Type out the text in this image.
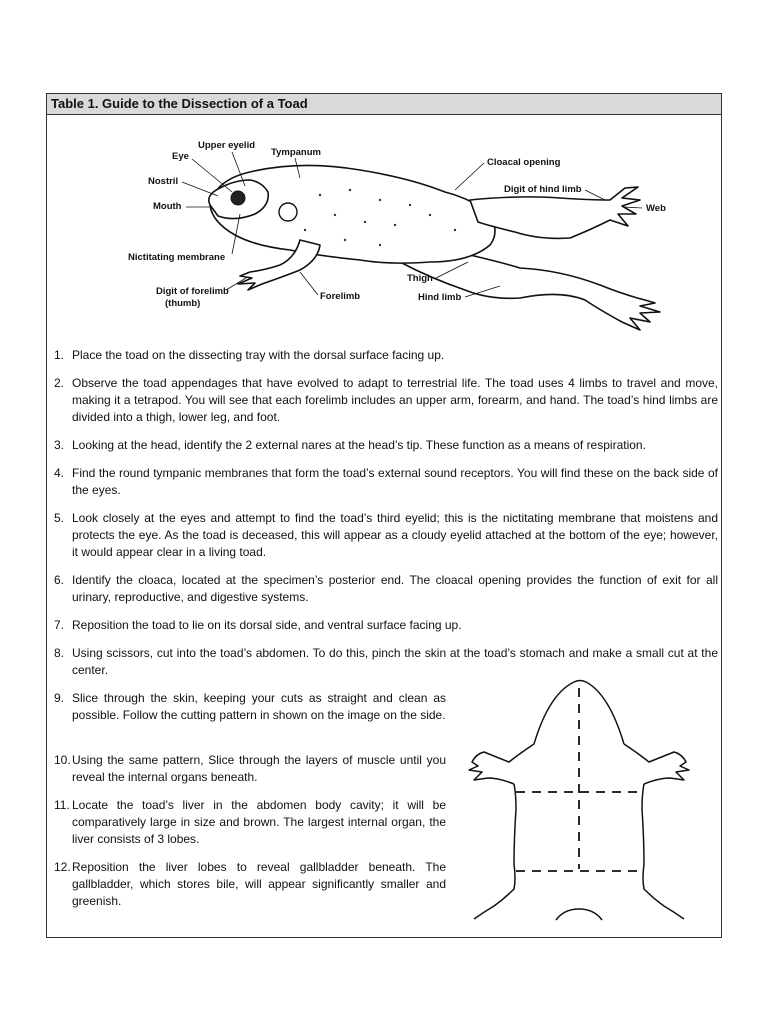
Table 1. Guide to the Dissection of a Toad
Eye
Upper eyelid
Tympanum
Nostril
Mouth
Nictitating membrane
Digit of forelimb
(thumb)
Forelimb
Cloacal opening
Digit of hind limb
Web
Thigh
Hind limb
1. Place the toad on the dissecting tray with the dorsal surface facing up.
2. Observe the toad appendages that have evolved to adapt to terrestrial life. The toad uses 4 limbs to travel and move, making it a tetrapod. You will see that each forelimb includes an upper arm, forearm, and hand. The toad’s hind limbs are divided into a thigh, lower leg, and foot.
3. Looking at the head, identify the 2 external nares at the head’s tip. These function as a means of respiration.
4. Find the round tympanic membranes that form the toad’s external sound receptors. You will find these on the back side of the eyes.
5. Look closely at the eyes and attempt to find the toad’s third eyelid; this is the nictitating membrane that moistens and protects the eye. As the toad is deceased, this will appear as a cloudy eyelid attached at the bottom of the eye; however, it would appear clear in a living toad.
6. Identify the cloaca, located at the specimen’s posterior end. The cloacal opening provides the function of exit for all urinary, reproductive, and digestive systems.
7. Reposition the toad to lie on its dorsal side, and ventral surface facing up.
8. Using scissors, cut into the toad’s abdomen. To do this, pinch the skin at the toad’s stomach and make a small cut at the center.
9. Slice through the skin, keeping your cuts as straight and clean as possible. Follow the cutting pattern in shown on the image on the side.
10. Using the same pattern, Slice through the layers of muscle until you reveal the internal organs beneath.
11. Locate the toad’s liver in the abdomen body cavity; it will be comparatively large in size and brown. The largest internal organ, the liver consists of 3 lobes.
12. Reposition the liver lobes to reveal gallbladder beneath. The gallbladder, which stores bile, will appear significantly smaller and greenish.
